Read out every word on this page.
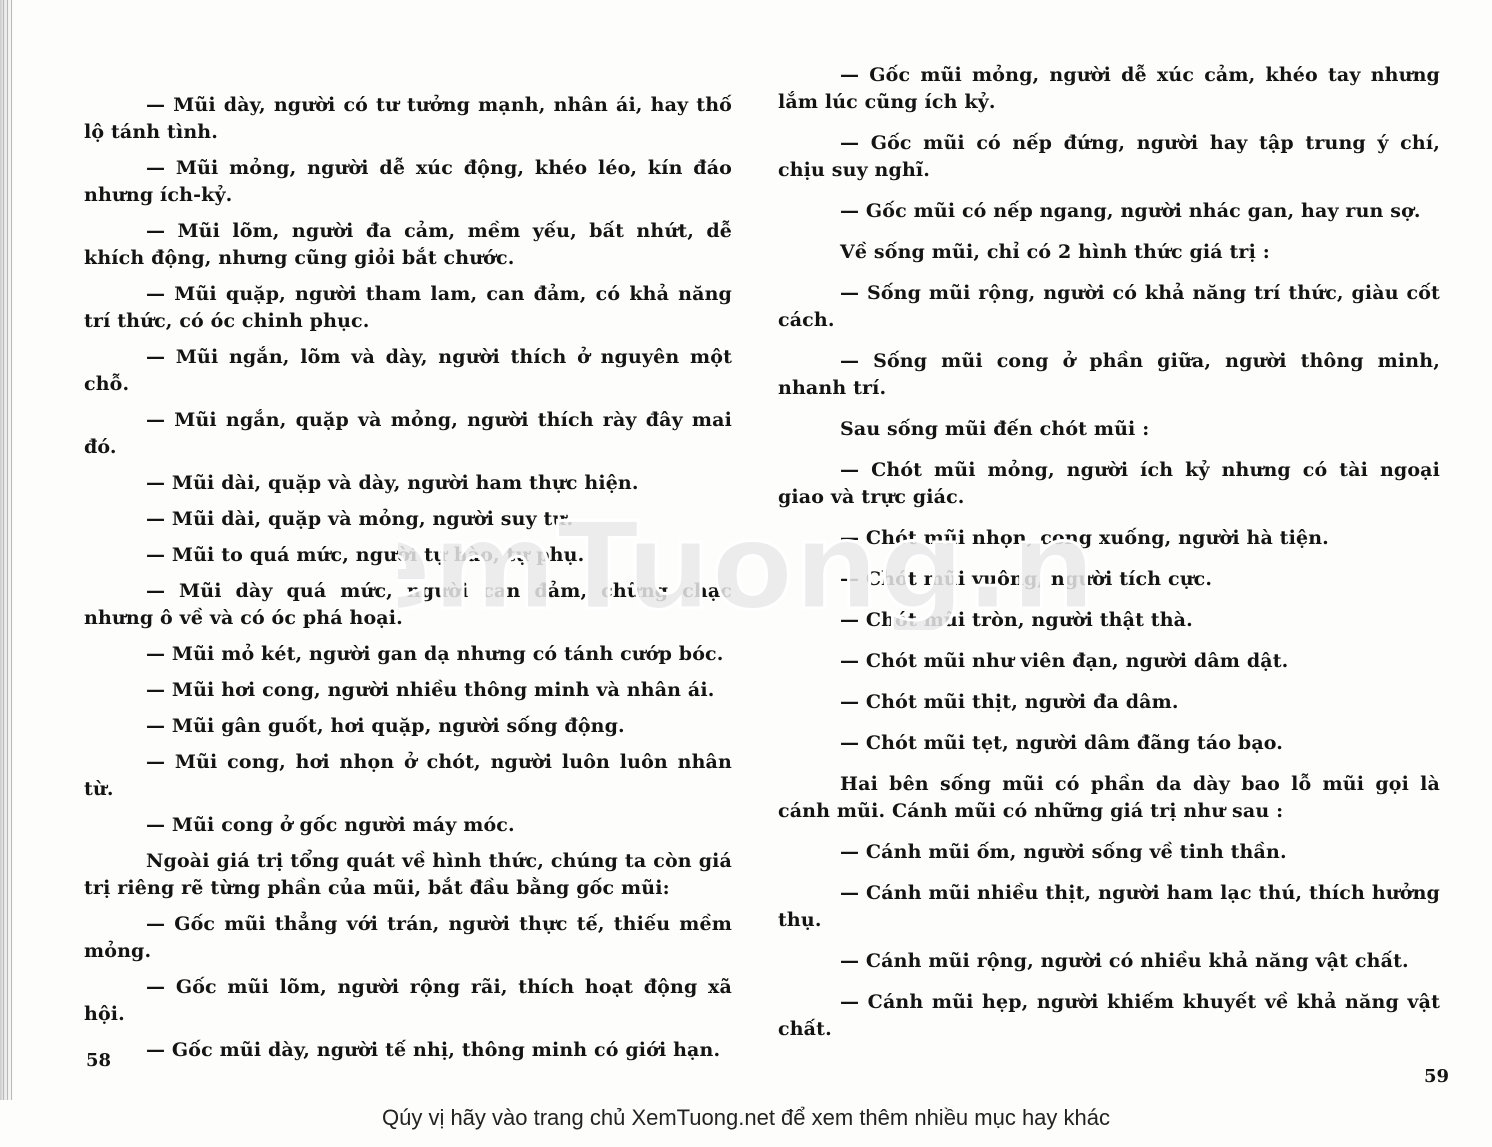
— Mũi dày, người có tư tưởng mạnh, nhân ái, hay thố lộ tánh tình.

— Mũi mỏng, người dễ xúc động, khéo léo, kín đáo nhưng ích-kỷ.

— Mũi lõm, người đa cảm, mềm yếu, bất nhứt, dễ khích động, nhưng cũng giỏi bắt chước.

— Mũi quặp, người tham lam, can đảm, có khả năng trí thức, có óc chinh phục.

— Mũi ngắn, lõm và dày, người thích ở nguyên một chỗ.

— Mũi ngắn, quặp và mỏng, người thích rày đây mai đó.

— Mũi dài, quặp và dày, người ham thực hiện.

— Mũi dài, quặp và mỏng, người suy tư.

— Mũi to quá mức, người tự hào, tự phụ.

— Mũi dày quá mức, người can đảm, chững chạc nhưng ô về và có óc phá hoại.

— Mũi mỏ két, người gan dạ nhưng có tánh cướp bóc.

— Mũi hơi cong, người nhiều thông minh và nhân ái.

— Mũi gân guốt, hơi quặp, người sống động.

— Mũi cong, hơi nhọn ở chót, người luôn luôn nhân từ.

— Mũi cong ở gốc người máy móc.

Ngoài giá trị tổng quát về hình thức, chúng ta còn giá trị riêng rẽ từng phần của mũi, bắt đầu bằng gốc mũi:

— Gốc mũi thẳng với trán, người thực tế, thiếu mềm mỏng.

— Gốc mũi lõm, người rộng rãi, thích hoạt động xã hội.

— Gốc mũi dày, người tế nhị, thông minh có giới hạn.

— Gốc mũi mỏng, người dễ xúc cảm, khéo tay nhưng lắm lúc cũng ích kỷ.

— Gốc mũi có nếp đứng, người hay tập trung ý chí, chịu suy nghĩ.

— Gốc mũi có nếp ngang, người nhác gan, hay run sợ.

Về sống mũi, chỉ có 2 hình thức giá trị :

— Sống mũi rộng, người có khả năng trí thức, giàu cốt cách.

— Sống mũi cong ở phần giữa, người thông minh, nhanh trí.

Sau sống mũi đến chót mũi :

— Chót mũi mỏng, người ích kỷ nhưng có tài ngoại giao và trực giác.

— Chót mũi nhọn, cong xuống, người hà tiện.

— Chót mũi vuông, người tích cực.

— Chót mũi tròn, người thật thà.

— Chót mũi như viên đạn, người dâm dật.

— Chót mũi thịt, người đa dâm.

— Chót mũi tẹt, người dâm đãng táo bạo.

Hai bên sống mũi có phần da dày bao lỗ mũi gọi là cánh mũi. Cánh mũi có những giá trị như sau :

— Cánh mũi ốm, người sống về tinh thần.

— Cánh mũi nhiều thịt, người ham lạc thú, thích hưởng thụ.

— Cánh mũi rộng, người có nhiều khả năng vật chất.

— Cánh mũi hẹp, người khiếm khuyết về khả năng vật chất.

58
59
mTuong.n
Qúy vị hãy vào trang chủ XemTuong.net để xem thêm nhiều mục hay khác
